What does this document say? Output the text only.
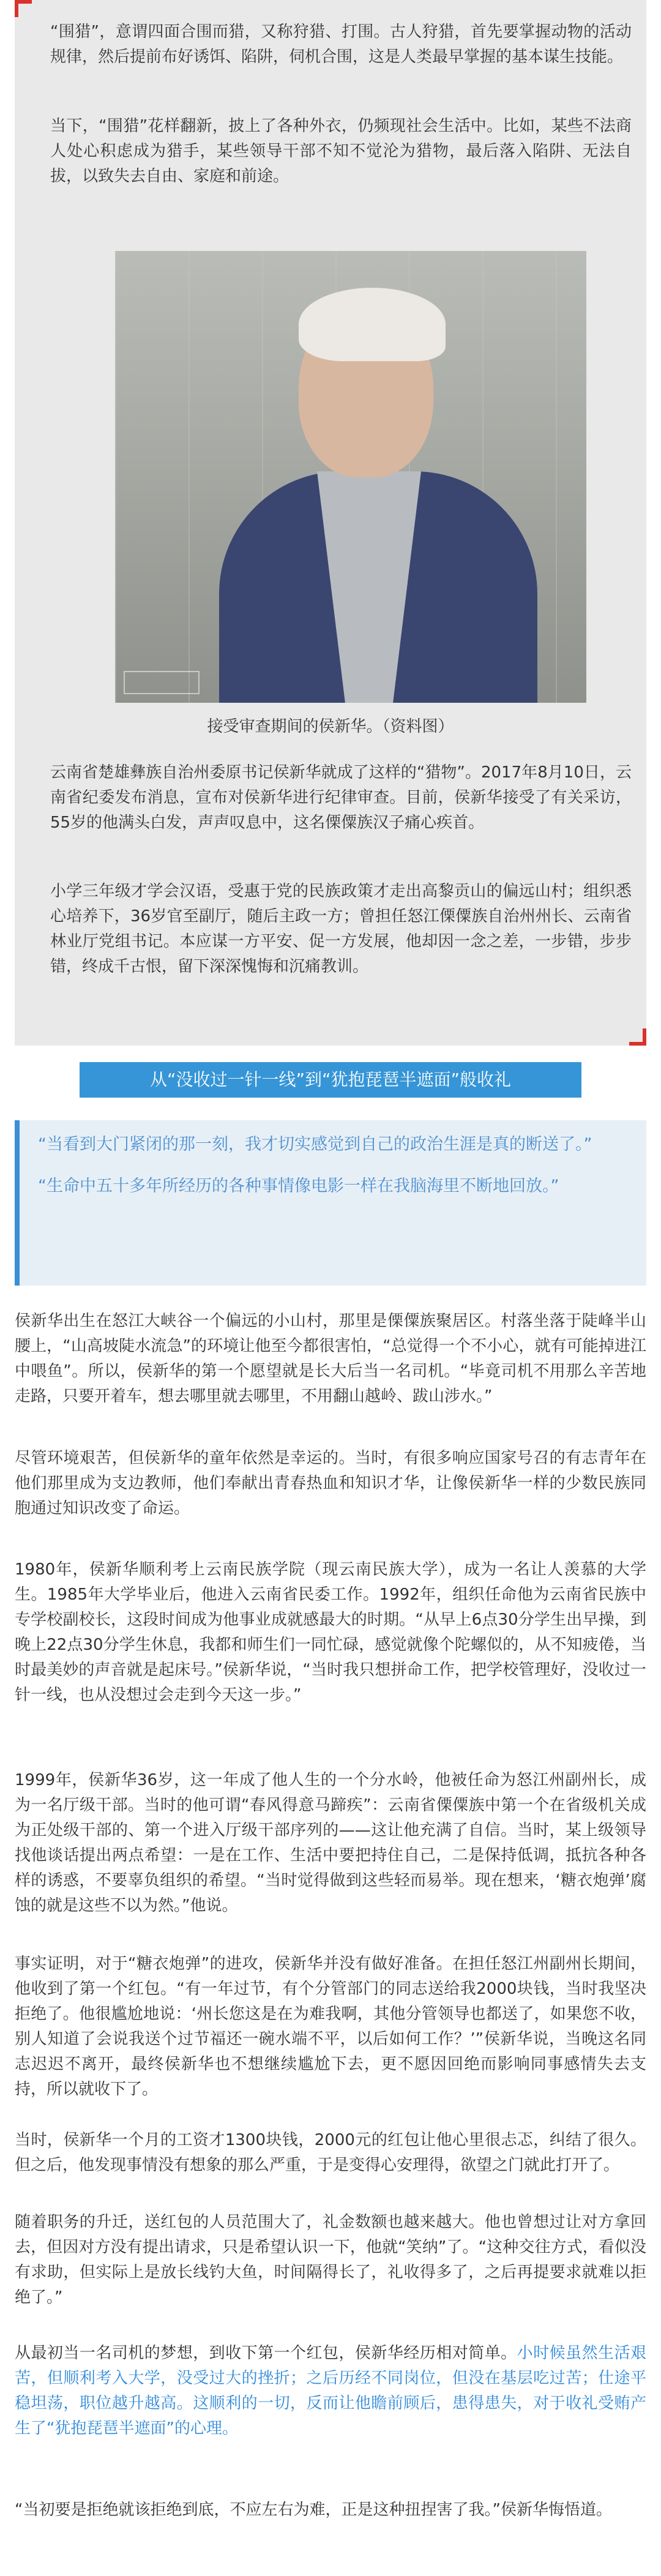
“围猎”，意谓四面合围而猎，又称狩猎、打围。古人狩猎，首先要掌握动物的活动规律，然后提前布好诱饵、陷阱，伺机合围，这是人类最早掌握的基本谋生技能。

当下，“围猎”花样翻新，披上了各种外衣，仍频现社会生活中。比如，某些不法商人处心积虑成为猎手，某些领导干部不知不觉沦为猎物，最后落入陷阱、无法自拔，以致失去自由、家庭和前途。

接受审查期间的侯新华。（资料图）

云南省楚雄彝族自治州委原书记侯新华就成了这样的“猎物”。2017年8月10日，云南省纪委发布消息，宣布对侯新华进行纪律审查。目前，侯新华接受了有关采访，55岁的他满头白发，声声叹息中，这名傈僳族汉子痛心疾首。

小学三年级才学会汉语，受惠于党的民族政策才走出高黎贡山的偏远山村；组织悉心培养下，36岁官至副厅，随后主政一方；曾担任怒江傈僳族自治州州长、云南省林业厅党组书记。本应谋一方平安、促一方发展，他却因一念之差，一步错，步步错，终成千古恨，留下深深愧悔和沉痛教训。

从“没收过一针一线”到“犹抱琵琶半遮面”般收礼

“当看到大门紧闭的那一刻，我才切实感觉到自己的政治生涯是真的断送了。”

“生命中五十多年所经历的各种事情像电影一样在我脑海里不断地回放。”

侯新华出生在怒江大峡谷一个偏远的小山村，那里是傈僳族聚居区。村落坐落于陡峰半山腰上，“山高坡陡水流急”的环境让他至今都很害怕，“总觉得一个不小心，就有可能掉进江中喂鱼”。所以，侯新华的第一个愿望就是长大后当一名司机。“毕竟司机不用那么辛苦地走路，只要开着车，想去哪里就去哪里，不用翻山越岭、跋山涉水。”

尽管环境艰苦，但侯新华的童年依然是幸运的。当时，有很多响应国家号召的有志青年在他们那里成为支边教师，他们奉献出青春热血和知识才华，让像侯新华一样的少数民族同胞通过知识改变了命运。

1980年，侯新华顺利考上云南民族学院（现云南民族大学），成为一名让人羡慕的大学生。1985年大学毕业后，他进入云南省民委工作。1992年，组织任命他为云南省民族中专学校副校长，这段时间成为他事业成就感最大的时期。“从早上6点30分学生出早操，到晚上22点30分学生休息，我都和师生们一同忙碌，感觉就像个陀螺似的，从不知疲倦，当时最美妙的声音就是起床号。”侯新华说，“当时我只想拼命工作，把学校管理好，没收过一针一线，也从没想过会走到今天这一步。”

1999年，侯新华36岁，这一年成了他人生的一个分水岭，他被任命为怒江州副州长，成为一名厅级干部。当时的他可谓“春风得意马蹄疾”：云南省傈僳族中第一个在省级机关成为正处级干部的、第一个进入厅级干部序列的——这让他充满了自信。当时，某上级领导找他谈话提出两点希望：一是在工作、生活中要把持住自己，二是保持低调，抵抗各种各样的诱惑，不要辜负组织的希望。“当时觉得做到这些轻而易举。现在想来，‘糖衣炮弹’腐蚀的就是这些不以为然。”他说。

事实证明，对于“糖衣炮弹”的进攻，侯新华并没有做好准备。在担任怒江州副州长期间，他收到了第一个红包。“有一年过节，有个分管部门的同志送给我2000块钱，当时我坚决拒绝了。他很尴尬地说：‘州长您这是在为难我啊，其他分管领导也都送了，如果您不收，别人知道了会说我送个过节福还一碗水端不平，以后如何工作？’”侯新华说，当晚这名同志迟迟不离开，最终侯新华也不想继续尴尬下去，更不愿因回绝而影响同事感情失去支持，所以就收下了。

当时，侯新华一个月的工资才1300块钱，2000元的红包让他心里很忐忑，纠结了很久。但之后，他发现事情没有想象的那么严重，于是变得心安理得，欲望之门就此打开了。

随着职务的升迁，送红包的人员范围大了，礼金数额也越来越大。他也曾想过让对方拿回去，但因对方没有提出请求，只是希望认识一下，他就“笑纳”了。“这种交往方式，看似没有求助，但实际上是放长线钓大鱼，时间隔得长了，礼收得多了，之后再提要求就难以拒绝了。”

从最初当一名司机的梦想，到收下第一个红包，侯新华经历相对简单。小时候虽然生活艰苦，但顺利考入大学，没受过大的挫折；之后历经不同岗位，但没在基层吃过苦；仕途平稳坦荡，职位越升越高。这顺利的一切，反而让他瞻前顾后，患得患失，对于收礼受贿产生了“犹抱琵琶半遮面”的心理。

“当初要是拒绝就该拒绝到底，不应左右为难，正是这种扭捏害了我。”侯新华悔悟道。
